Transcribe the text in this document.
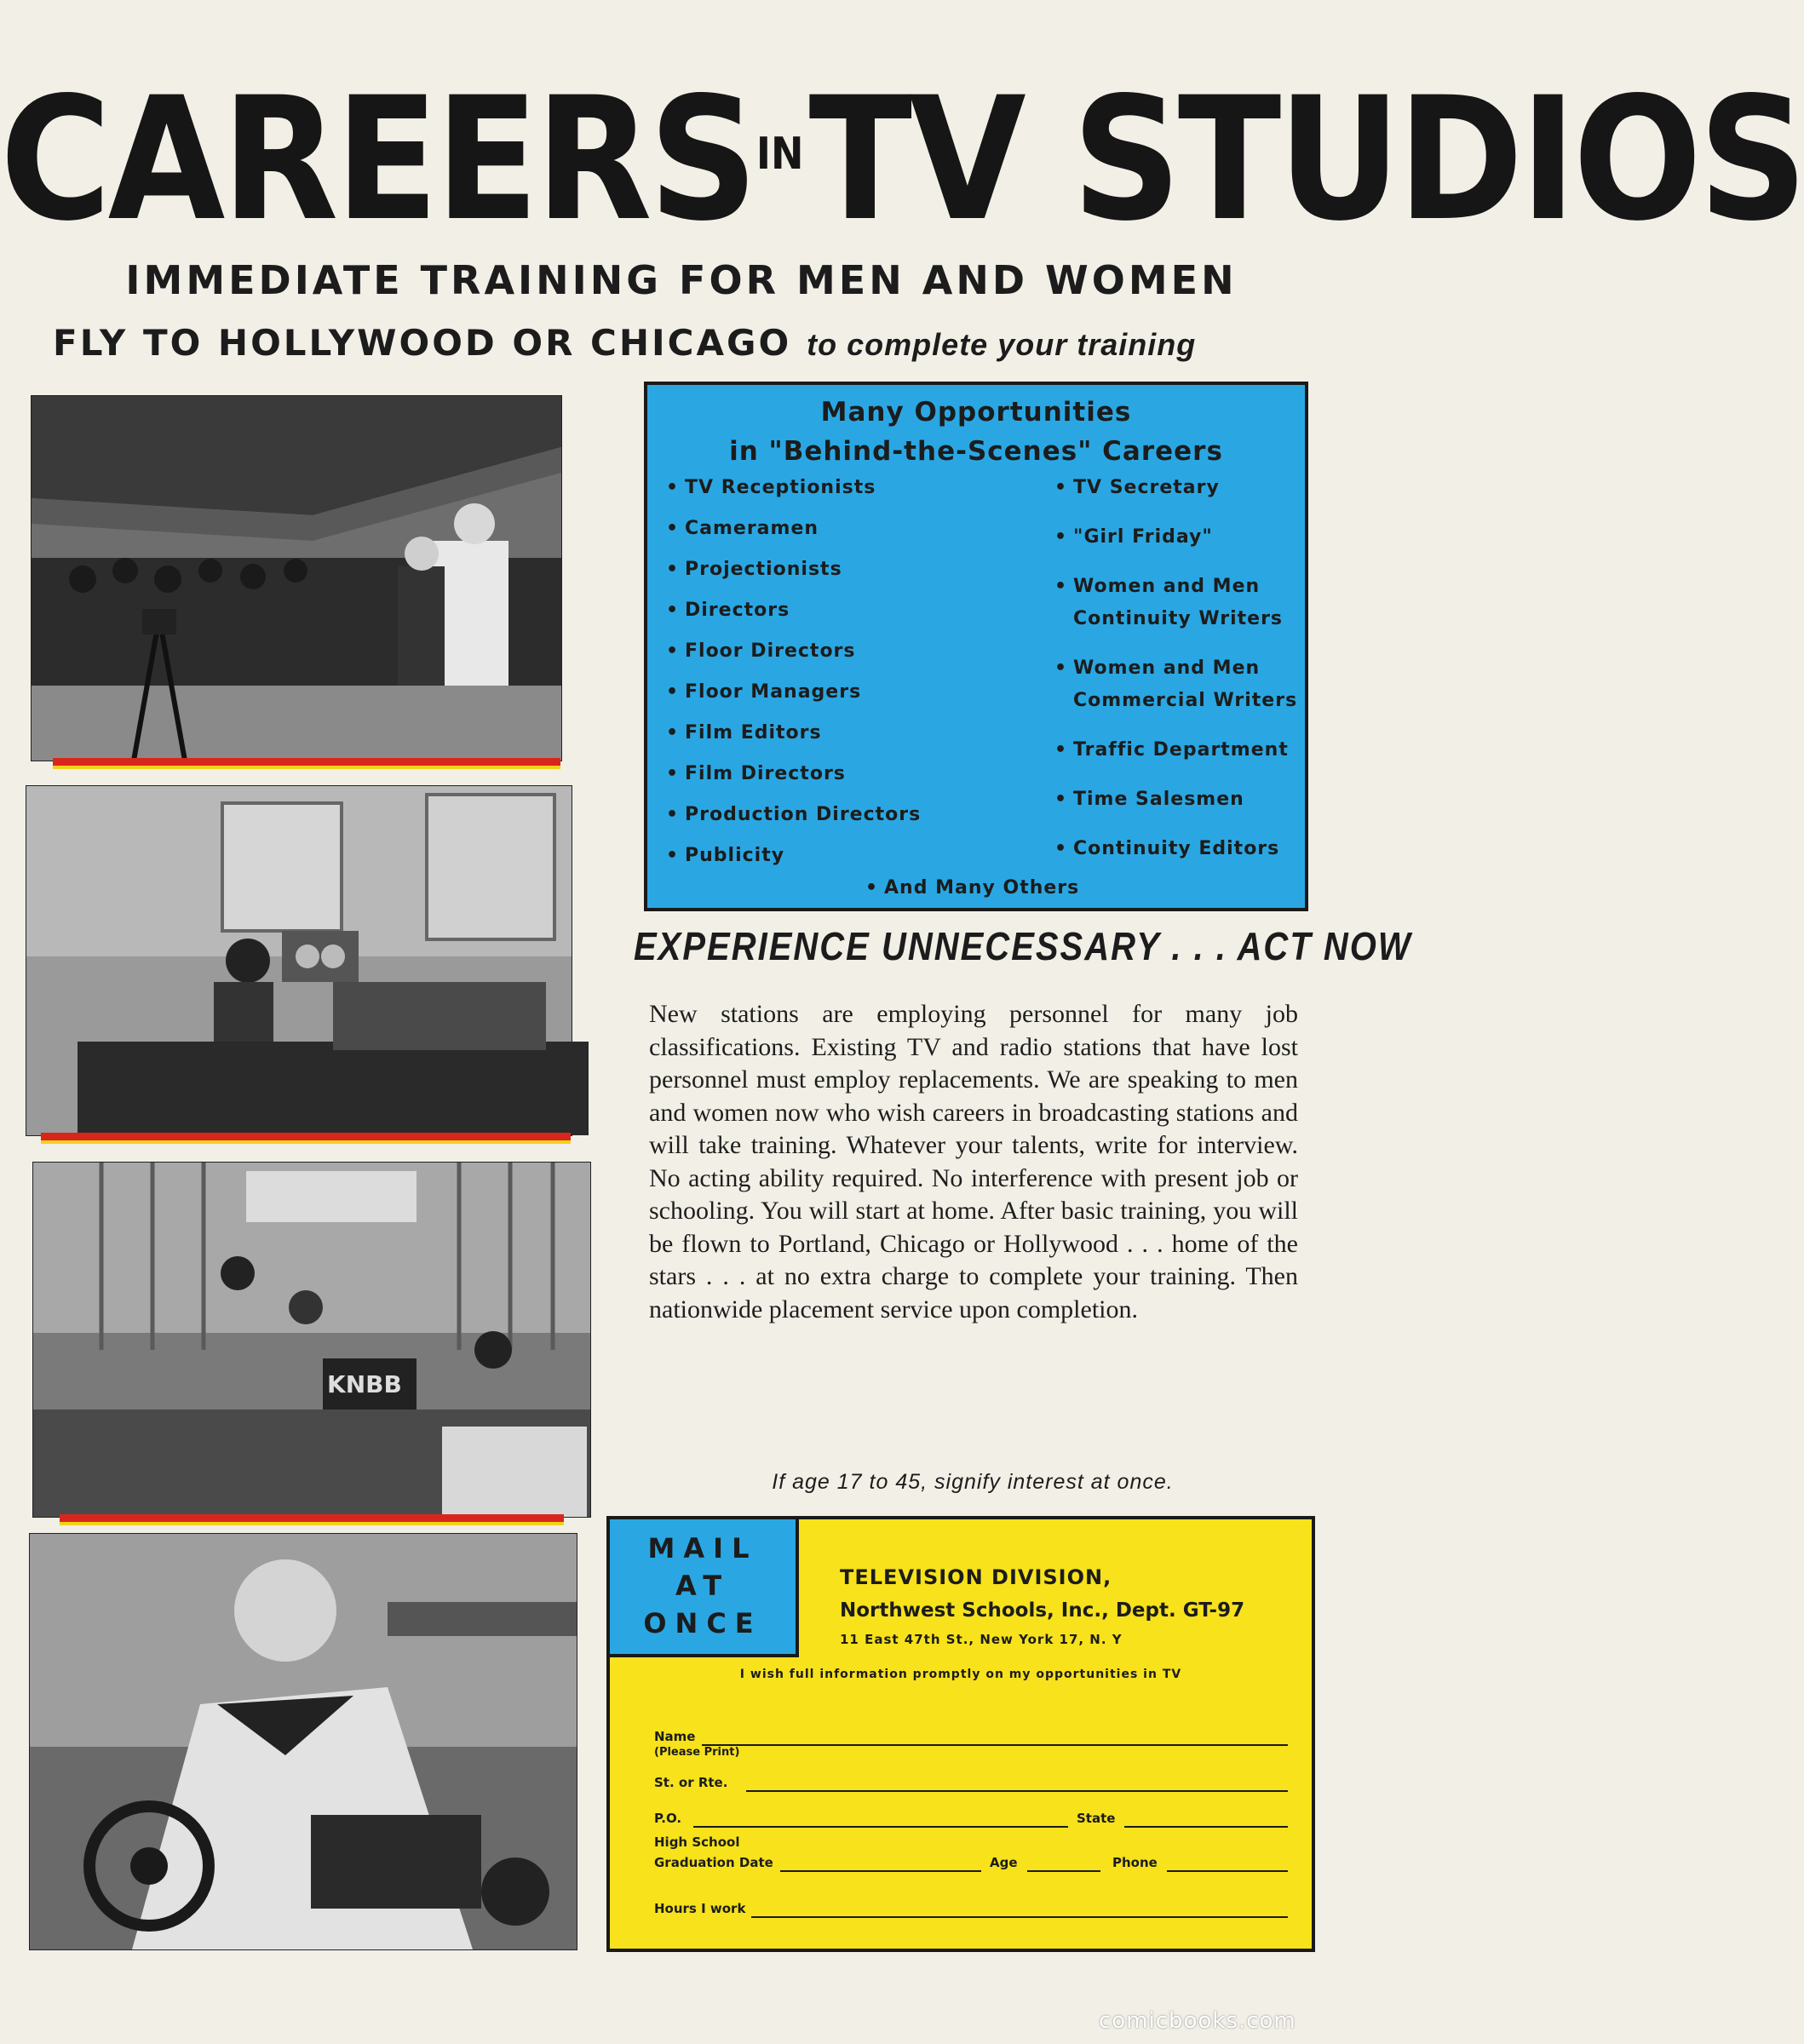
$CAREERS^{IN}TV$ STUDIOS
IMMEDIATE TRAINING FOR MEN AND WOMEN
FLY TO HOLLYWOOD OR CHICAGO to complete your training
KNBB
Many Opportunities
in "Behind-the-Scenes" Careers
• TV Receptionists
• Cameramen
• Projectionists
• Directors
• Floor Directors
• Floor Managers
• Film Editors
• Film Directors
• Production Directors
• Publicity
• TV Secretary
• "Girl Friday"
• Women and Men
Continuity Writers
• Women and Men
Commercial Writers
• Traffic Department
• Time Salesmen
• Continuity Editors
• And Many Others
EXPERIENCE UNNECESSARY . . . ACT NOW
New stations are employing personnel for many job classifications. Existing TV and radio stations that have lost personnel must employ replacements. We are speaking to men and women now who wish careers in broadcasting stations and will take training. Whatever your talents, write for interview. No acting ability required. No interference with present job or schooling. You will start at home. After basic training, you will be flown to Portland, Chicago or Hollywood . . . home of the stars . . . at no extra charge to complete your training. Then nationwide placement service upon completion.
If age 17 to 45, signify interest at once.
MAIL
AT
ONCE
TELEVISION DIVISION,
Northwest Schools, Inc., Dept. GT-97
11 East 47th St., New York 17, N. Y
I wish full information promptly on my opportunities in TV
Name
(Please Print)
St. or Rte.
P.O.	State
High School
Graduation Date	Age	Phone
Hours I work
comicbooks.com
